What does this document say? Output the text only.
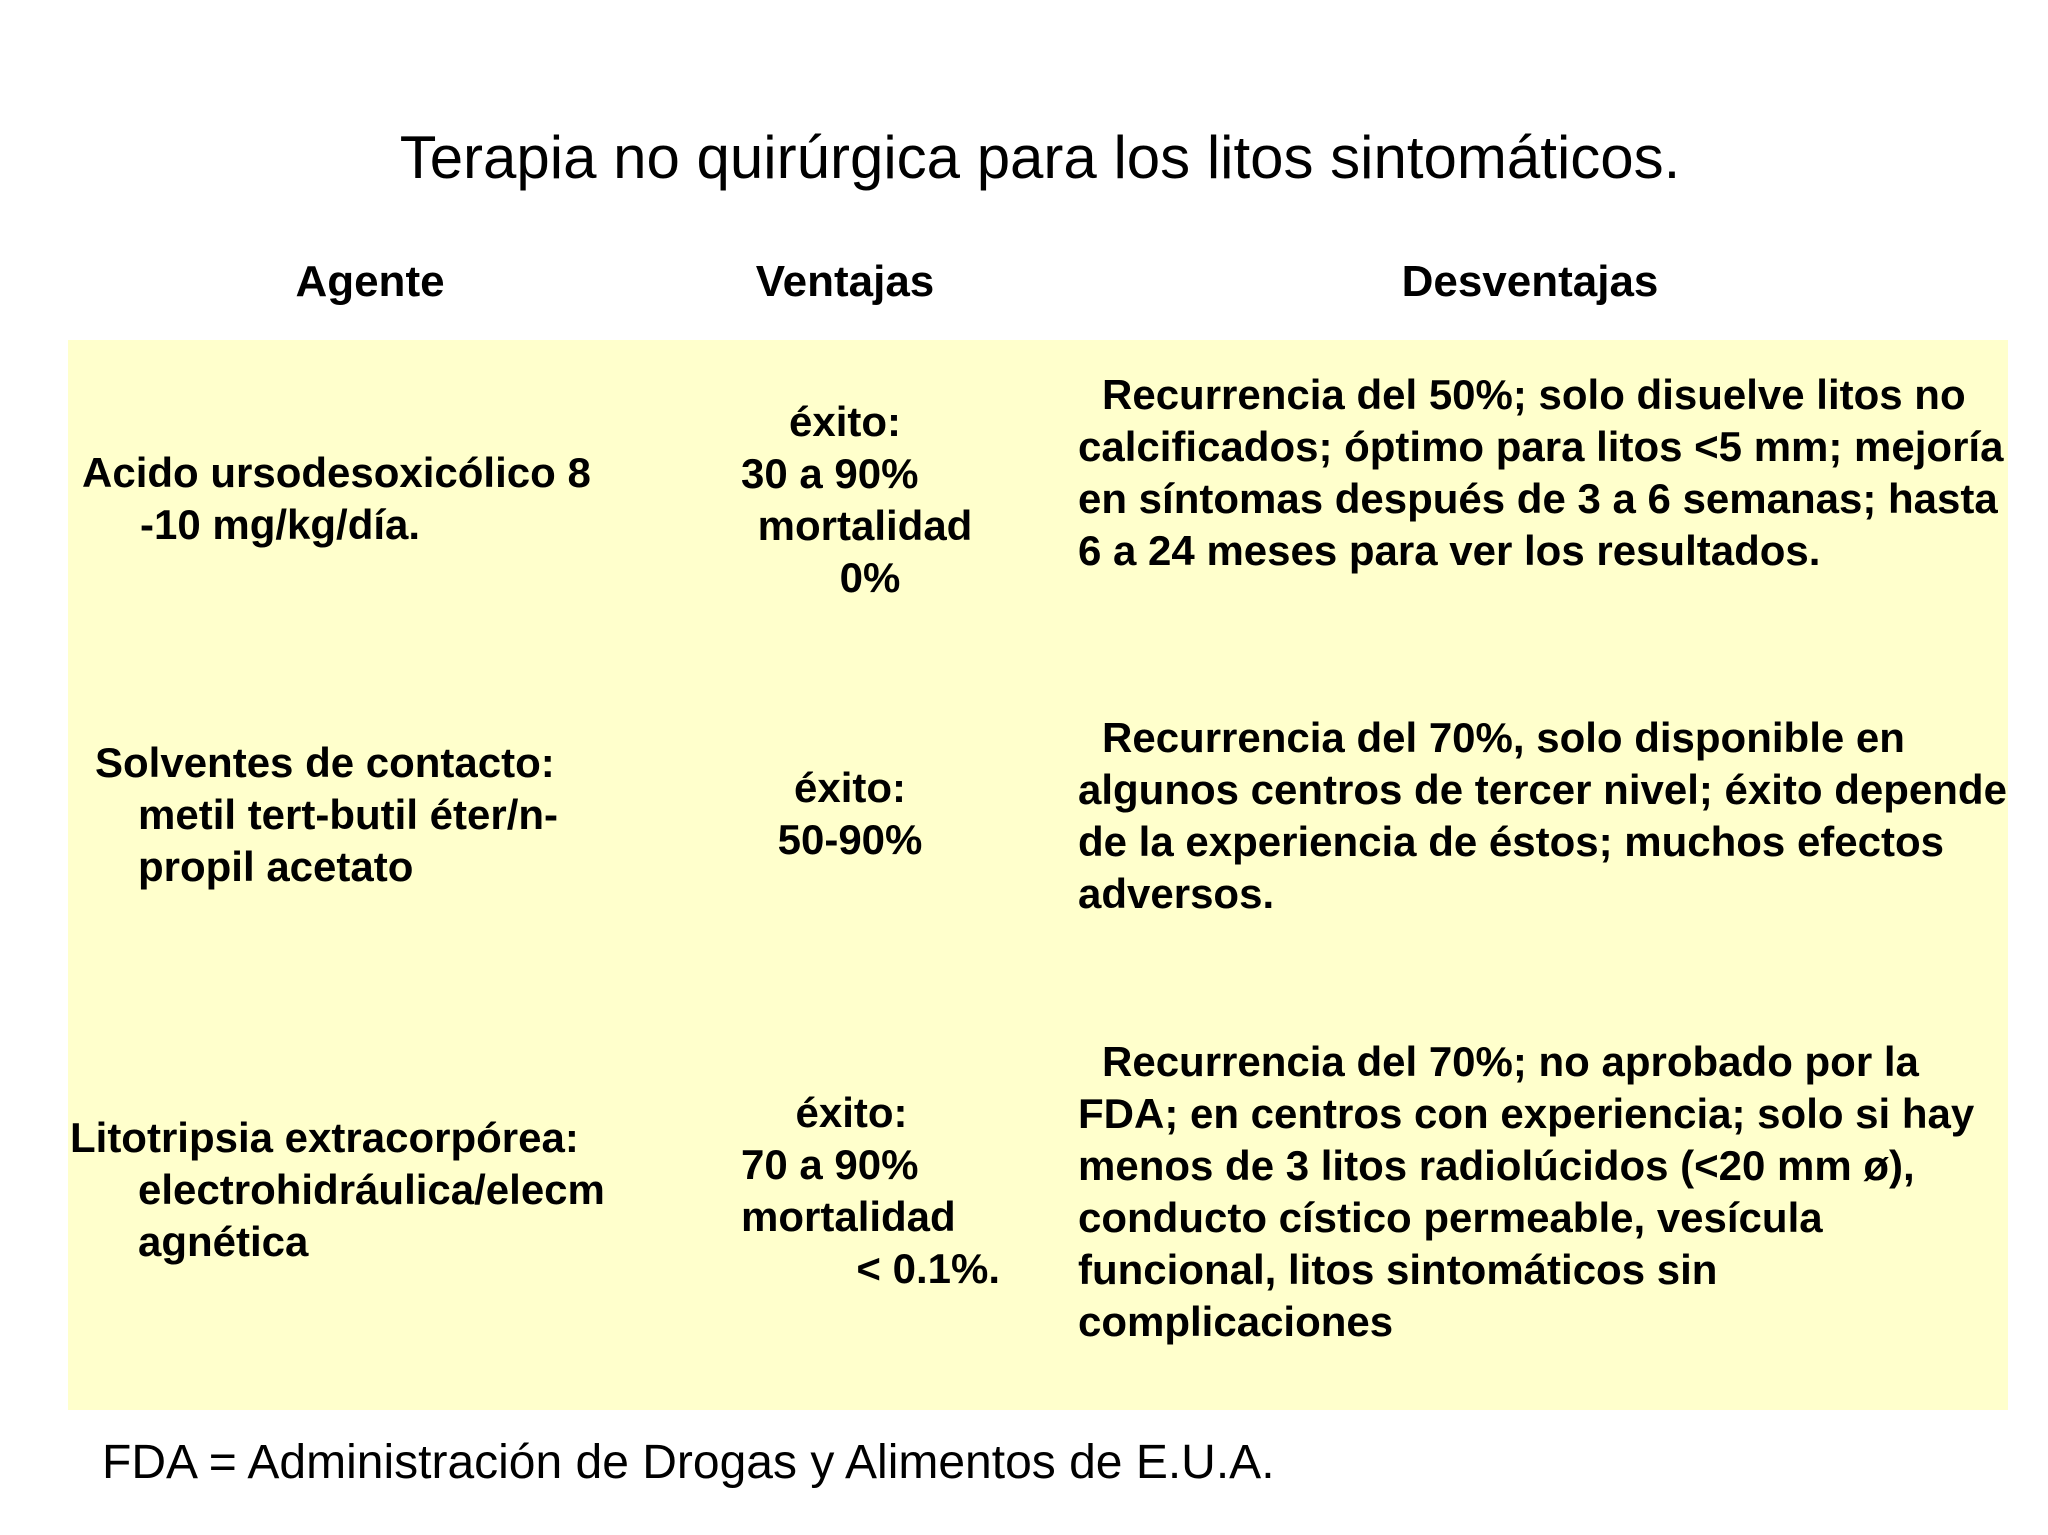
Terapia no quirúrgica para los litos sintomáticos.
Agente	Ventajas	Desventajas
Acido ursodesoxicólico 8
-10 mg/kg/día.
éxito:
30 a 90%
mortalidad
0%
Recurrencia del 50%; solo disuelve litos no calcificados; óptimo para litos <5 mm; mejoría en síntomas después de 3 a 6 semanas; hasta 6 a 24 meses para ver los resultados.
Solventes de contacto:
metil tert-butil éter/n-
propil acetato
éxito:
50-90%
Recurrencia del 70%, solo disponible en algunos centros de tercer nivel; éxito depende de la experiencia de éstos; muchos efectos adversos.
Litotripsia extracorpórea:
electrohidráulica/elecm
agnética
éxito:
70 a 90%
mortalidad
< 0.1%.
Recurrencia del 70%; no aprobado por la FDA; en centros con experiencia; solo si hay menos de 3 litos radiolúcidos (<20 mm ø), conducto cístico permeable, vesícula funcional, litos sintomáticos sin complicaciones
FDA = Administración de Drogas y Alimentos de E.U.A.
